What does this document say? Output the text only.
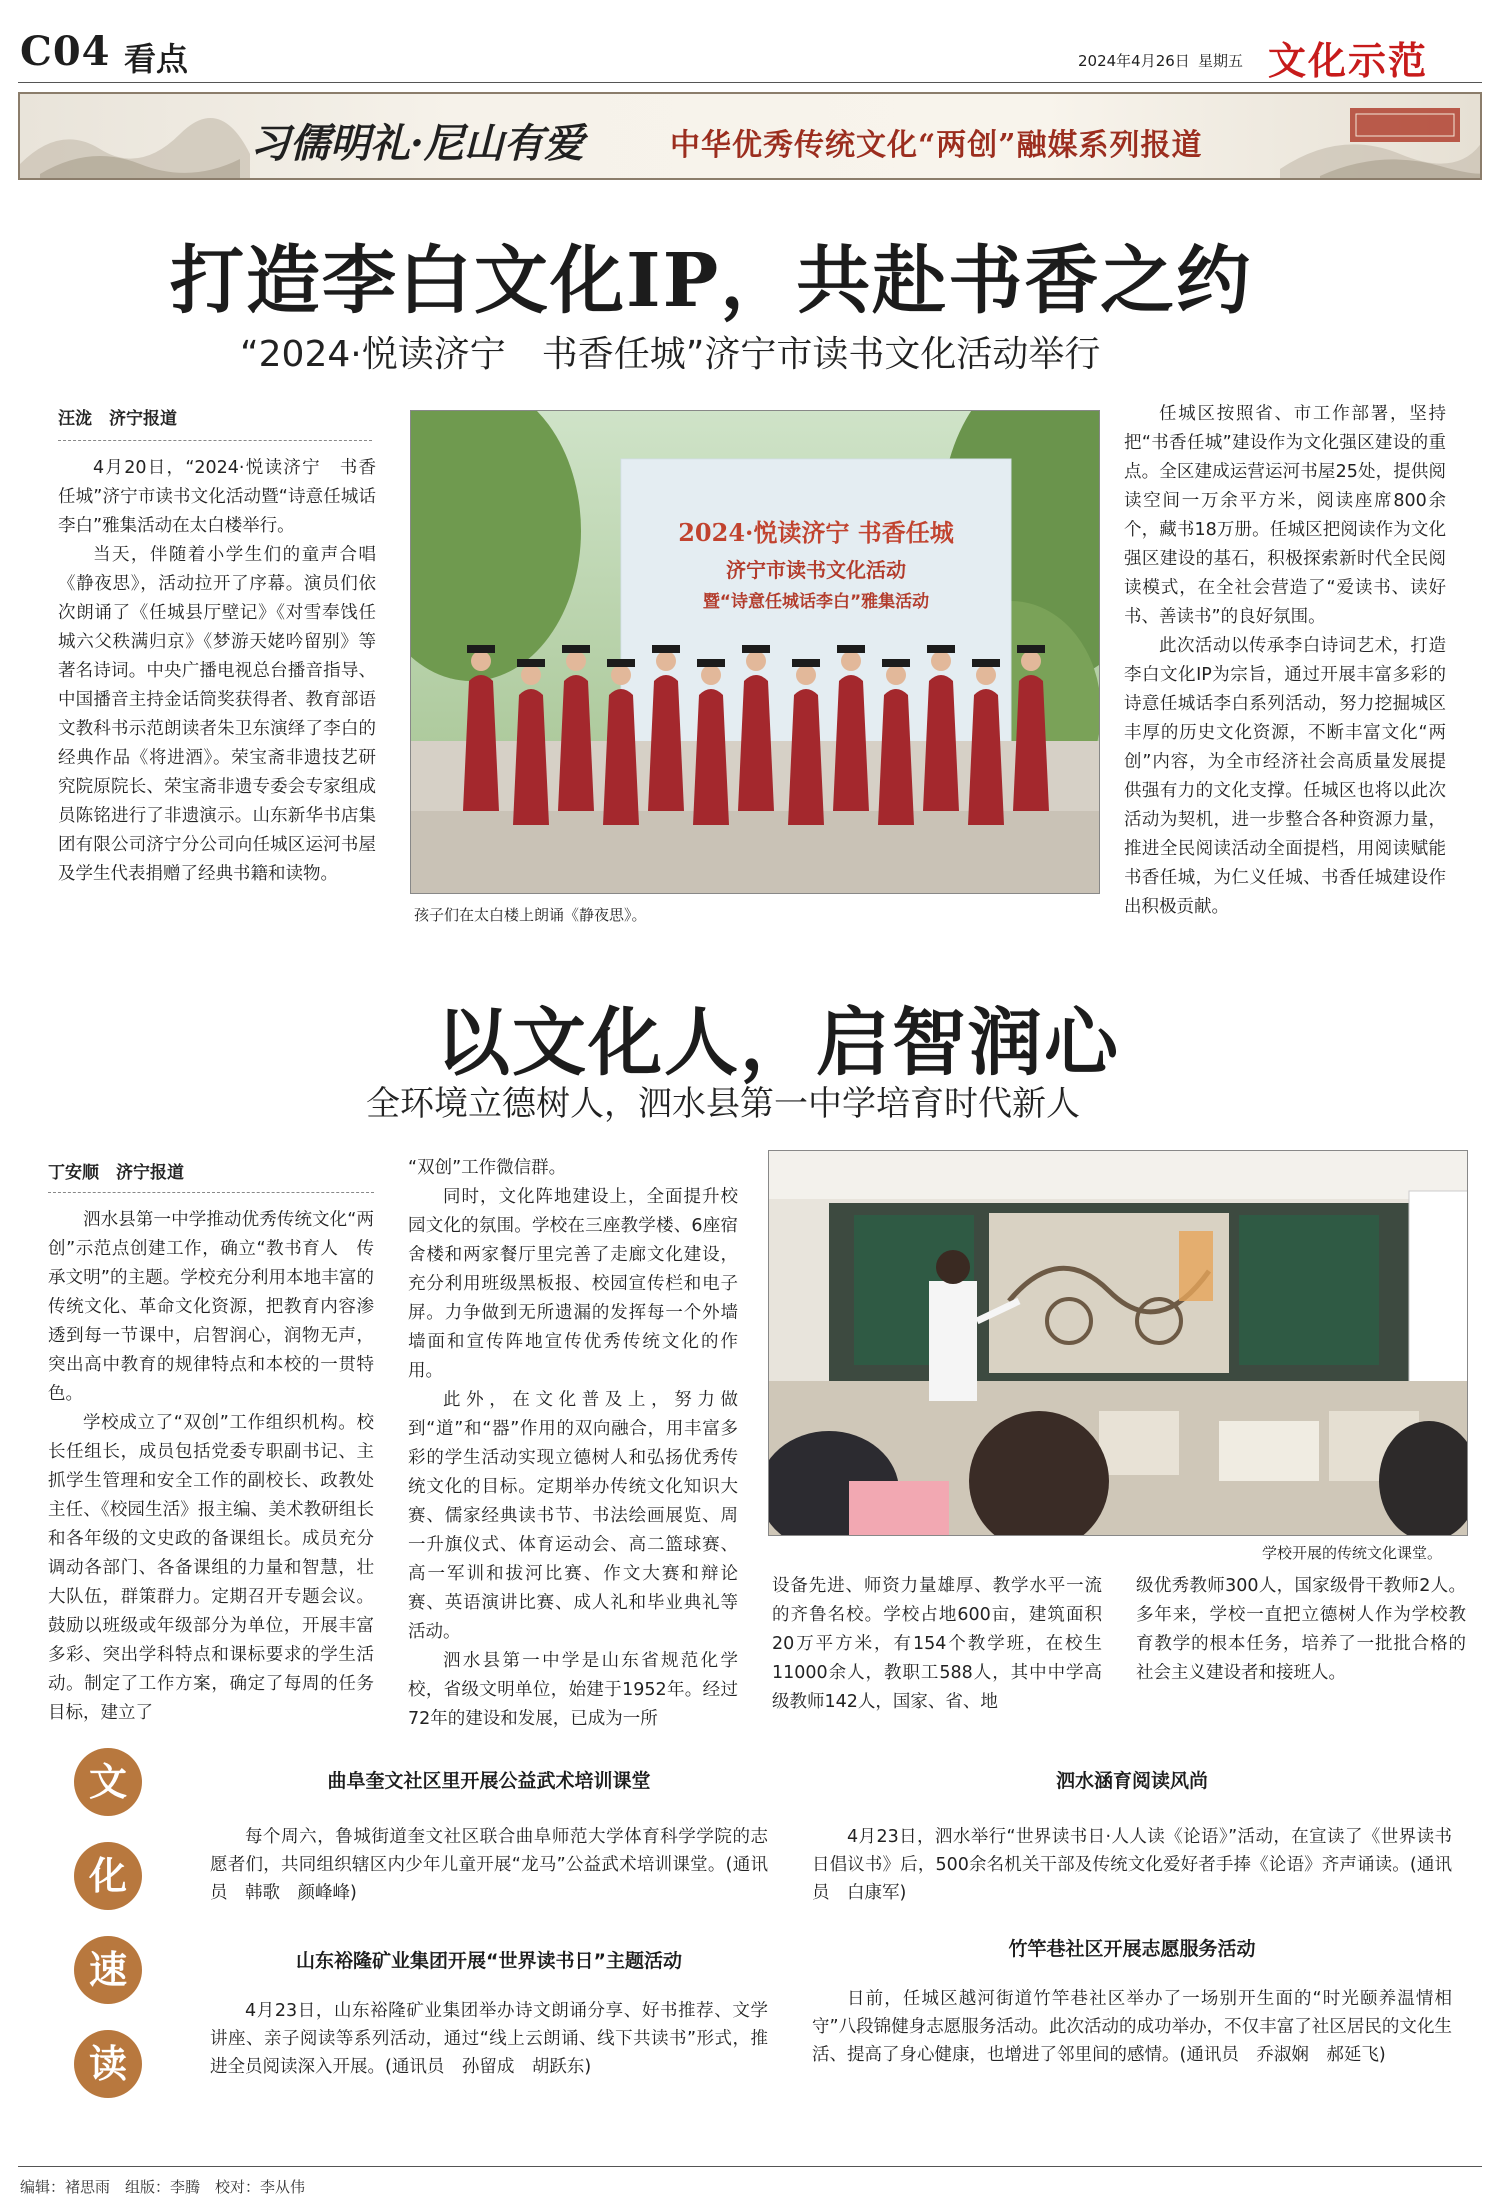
C04 看点	2024年4月26日 星期五 文化示范
习儒明礼·尼山有爱	中华优秀传统文化“两创”融媒系列报道
打造李白文化IP，共赴书香之约
“2024·悦读济宁　书香任城”济宁市读书文化活动举行
汪泷　济宁报道

4月20日，“2024·悦读济宁　书香任城”济宁市读书文化活动暨“诗意任城话李白”雅集活动在太白楼举行。

当天，伴随着小学生们的童声合唱《静夜思》，活动拉开了序幕。演员们依次朗诵了《任城县厅壁记》《对雪奉饯任城六父秩满归京》《梦游天姥吟留别》等著名诗词。中央广播电视总台播音指导、中国播音主持金话筒奖获得者、教育部语文教科书示范朗读者朱卫东演绎了李白的经典作品《将进酒》。荣宝斋非遗技艺研究院原院长、荣宝斋非遗专委会专家组成员陈铭进行了非遗演示。山东新华书店集团有限公司济宁分公司向任城区运河书屋及学生代表捐赠了经典书籍和读物。

2024·悦读济宁 书香任城
济宁市读书文化活动
暨“诗意任城话李白”雅集活动
孩子们在太白楼上朗诵《静夜思》。

任城区按照省、市工作部署，坚持把“书香任城”建设作为文化强区建设的重点。全区建成运营运河书屋25处，提供阅读空间一万余平方米，阅读座席800余个，藏书18万册。任城区把阅读作为文化强区建设的基石，积极探索新时代全民阅读模式，在全社会营造了“爱读书、读好书、善读书”的良好氛围。

此次活动以传承李白诗词艺术，打造李白文化IP为宗旨，通过开展丰富多彩的诗意任城话李白系列活动，努力挖掘城区丰厚的历史文化资源，不断丰富文化“两创”内容，为全市经济社会高质量发展提供强有力的文化支撑。任城区也将以此次活动为契机，进一步整合各种资源力量，推进全民阅读活动全面提档，用阅读赋能书香任城，为仁义任城、书香任城建设作出积极贡献。

以文化人，启智润心
全环境立德树人，泗水县第一中学培育时代新人
丁安顺　济宁报道

泗水县第一中学推动优秀传统文化“两创”示范点创建工作，确立“教书育人　传承文明”的主题。学校充分利用本地丰富的传统文化、革命文化资源，把教育内容渗透到每一节课中，启智润心，润物无声，突出高中教育的规律特点和本校的一贯特色。

学校成立了“双创”工作组织机构。校长任组长，成员包括党委专职副书记、主抓学生管理和安全工作的副校长、政教处主任、《校园生活》报主编、美术教研组长和各年级的文史政的备课组长。成员充分调动各部门、各备课组的力量和智慧，壮大队伍，群策群力。定期召开专题会议。鼓励以班级或年级部分为单位，开展丰富多彩、突出学科特点和课标要求的学生活动。制定了工作方案，确定了每周的任务目标，建立了

“双创”工作微信群。

同时，文化阵地建设上，全面提升校园文化的氛围。学校在三座教学楼、6座宿舍楼和两家餐厅里完善了走廊文化建设，充分利用班级黑板报、校园宣传栏和电子屏。力争做到无所遗漏的发挥每一个外墙墙面和宣传阵地宣传优秀传统文化的作用。

此外，在文化普及上，努力做到“道”和“器”作用的双向融合，用丰富多彩的学生活动实现立德树人和弘扬优秀传统文化的目标。定期举办传统文化知识大赛、儒家经典读书节、书法绘画展览、周一升旗仪式、体育运动会、高二篮球赛、高一军训和拔河比赛、作文大赛和辩论赛、英语演讲比赛、成人礼和毕业典礼等活动。

泗水县第一中学是山东省规范化学校，省级文明单位，始建于1952年。经过72年的建设和发展，已成为一所

学校开展的传统文化课堂。
设备先进、师资力量雄厚、教学水平一流的齐鲁名校。学校占地600亩，建筑面积20万平方米，有154个教学班，在校生11000余人，教职工588人，其中中学高级教师142人，国家、省、地
级优秀教师300人，国家级骨干教师2人。多年来，学校一直把立德树人作为学校教育教学的根本任务，培养了一批批合格的社会主义建设者和接班人。
文
化
速
读
曲阜奎文社区里开展公益武术培训课堂

每个周六，鲁城街道奎文社区联合曲阜师范大学体育科学学院的志愿者们，共同组织辖区内少年儿童开展“龙马”公益武术培训课堂。(通讯员　韩歌　颜峰峰)

泗水涵育阅读风尚

4月23日，泗水举行“世界读书日·人人读《论语》”活动，在宣读了《世界读书日倡议书》后，500余名机关干部及传统文化爱好者手捧《论语》齐声诵读。(通讯员　白康军)

山东裕隆矿业集团开展“世界读书日”主题活动

4月23日，山东裕隆矿业集团举办诗文朗诵分享、好书推荐、文学讲座、亲子阅读等系列活动，通过“线上云朗诵、线下共读书”形式，推进全员阅读深入开展。(通讯员　孙留成　胡跃东)

竹竿巷社区开展志愿服务活动

日前，任城区越河街道竹竿巷社区举办了一场别开生面的“时光颐养温情相守”八段锦健身志愿服务活动。此次活动的成功举办，不仅丰富了社区居民的文化生活、提高了身心健康，也增进了邻里间的感情。(通讯员　乔淑娴　郝延飞)

编辑：褚思雨　组版：李腾　校对：李从伟
